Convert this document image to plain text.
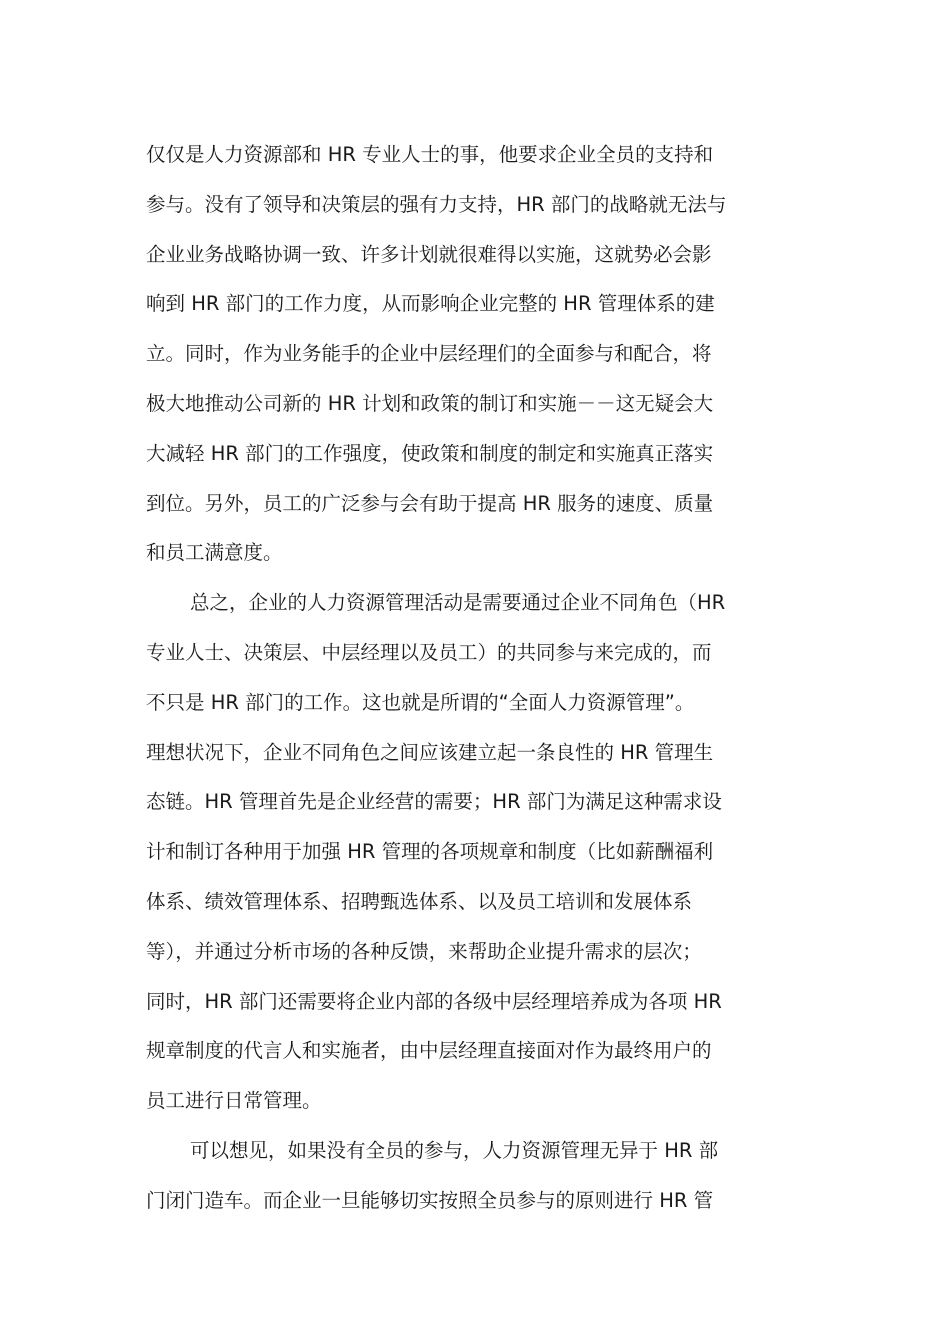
仅仅是人力资源部和 HR 专业人士的事，他要求企业全员的支持和
参与。没有了领导和决策层的强有力支持，HR 部门的战略就无法与
企业业务战略协调一致、许多计划就很难得以实施，这就势必会影
响到 HR 部门的工作力度，从而影响企业完整的 HR 管理体系的建
立。同时，作为业务能手的企业中层经理们的全面参与和配合，将
极大地推动公司新的 HR 计划和政策的制订和实施－－这无疑会大
大减轻 HR 部门的工作强度，使政策和制度的制定和实施真正落实
到位。另外，员工的广泛参与会有助于提高 HR 服务的速度、质量
和员工满意度。
总之，企业的人力资源管理活动是需要通过企业不同角色（HR
专业人士、决策层、中层经理以及员工）的共同参与来完成的，而
不只是 HR 部门的工作。这也就是所谓的“全面人力资源管理”。
理想状况下，企业不同角色之间应该建立起一条良性的 HR 管理生
态链。HR 管理首先是企业经营的需要；HR 部门为满足这种需求设
计和制订各种用于加强 HR 管理的各项规章和制度（比如薪酬福利
体系、绩效管理体系、招聘甄选体系、以及员工培训和发展体系
等），并通过分析市场的各种反馈，来帮助企业提升需求的层次；
同时，HR 部门还需要将企业内部的各级中层经理培养成为各项 HR
规章制度的代言人和实施者，由中层经理直接面对作为最终用户的
员工进行日常管理。
可以想见，如果没有全员的参与，人力资源管理无异于 HR 部
门闭门造车。而企业一旦能够切实按照全员参与的原则进行 HR 管
